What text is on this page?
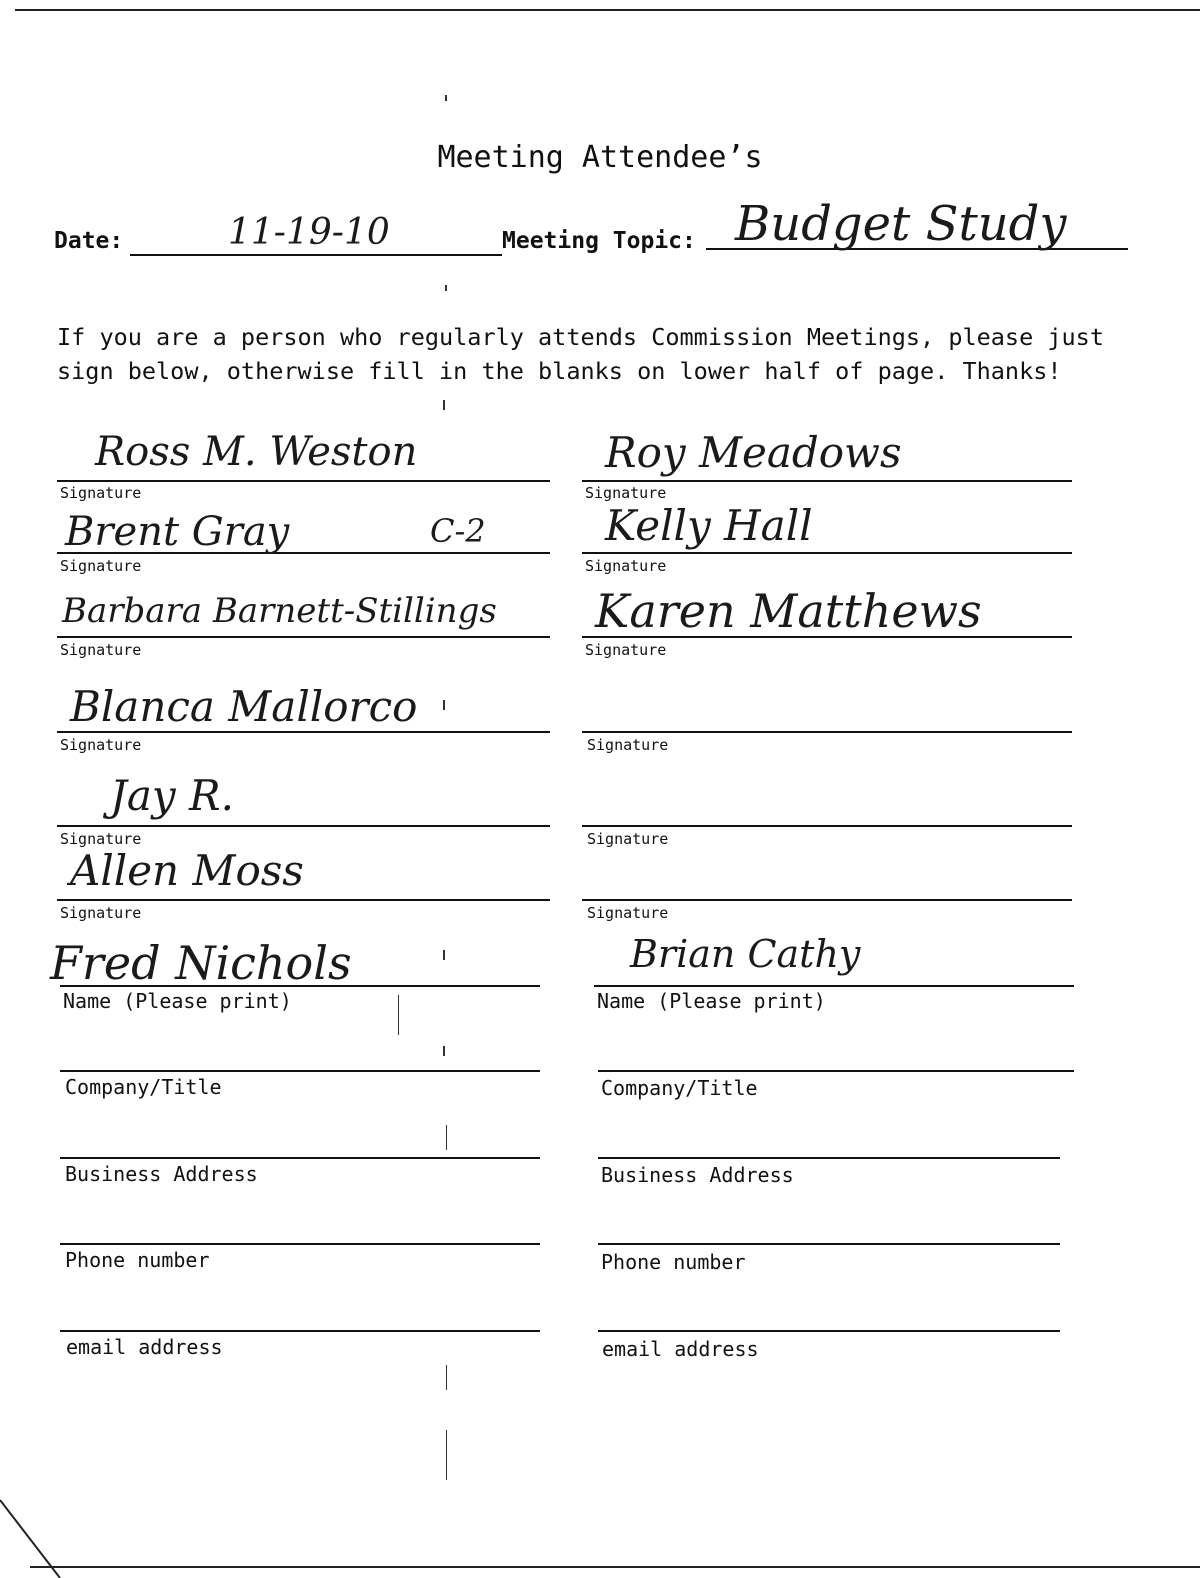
Meeting Attendee’s
Date:	11-19-10	Meeting Topic: Budget Study
If you are a person who regularly attends Commission Meetings, please just sign below, otherwise fill in the blanks on lower half of page. Thanks!
Ross M. Weston
Signature
Brent Gray	C-2
Signature
Barbara Barnett-Stillings
Signature
Blanca Mallorco
Signature
Jay R.
Signature
Allen Moss
Signature
Roy Meadows
Signature
Kelly Hall
Signature
Karen Matthews
Signature
Signature
Signature
Signature
Fred Nichols
Name (Please print)
Company/Title
Business Address
Phone number
email address
Brian Cathy
Name (Please print)
Company/Title
Business Address
Phone number
email address
